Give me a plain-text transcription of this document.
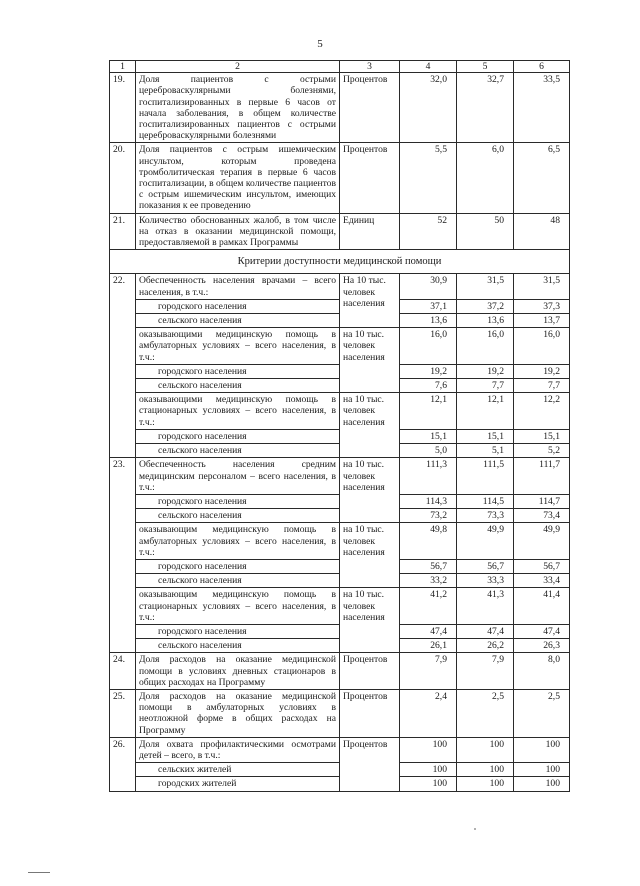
5
1	2	3	4	5	6
19.	Доля пациентов с острыми цереброваскулярными болезнями, госпитализированных в первые 6 часов от начала заболевания, в общем количестве госпитализированных пациентов с острыми цереброваскулярными болезнями	Процентов	32,0	32,7	33,5
20.	Доля пациентов с острым ишемическим инсультом, которым проведена тромболитическая терапия в первые 6 часов госпитализации, в общем количестве пациентов с острым ишемическим инсультом, имеющих показания к ее проведению	Процентов	5,5	6,0	6,5
21.	Количество обоснованных жалоб, в том числе на отказ в оказании медицинской помощи, предоставляемой в рамках Программы	Единиц	52	50	48
Критерии доступности медицинской помощи					
22.	Обеспеченность населения врачами – всего населения, в т.ч.:	На 10 тыс. человек населения	30,9	31,5	31,5
	городского населения		37,1	37,2	37,3
	сельского населения		13,6	13,6	13,7
	оказывающими медицинскую помощь в амбулаторных условиях – всего населения, в т.ч.:	на 10 тыс. человек населения	16,0	16,0	16,0
	городского населения		19,2	19,2	19,2
	сельского населения		7,6	7,7	7,7
	оказывающими медицинскую помощь в стационарных условиях – всего населения, в т.ч.:	на 10 тыс. человек населения	12,1	12,1	12,2
	городского населения		15,1	15,1	15,1
	сельского населения		5,0	5,1	5,2
23.	Обеспеченность населения средним медицинским персоналом – всего населения, в т.ч.:	на 10 тыс. человек населения	111,3	111,5	111,7
	городского населения		114,3	114,5	114,7
	сельского населения		73,2	73,3	73,4
	оказывающим медицинскую помощь в амбулаторных условиях – всего населения, в т.ч.:	на 10 тыс. человек населения	49,8	49,9	49,9
	городского населения		56,7	56,7	56,7
	сельского населения		33,2	33,3	33,4
	оказывающим медицинскую помощь в стационарных условиях – всего населения, в т.ч.:	на 10 тыс. человек населения	41,2	41,3	41,4
	городского населения		47,4	47,4	47,4
	сельского населения		26,1	26,2	26,3
24.	Доля расходов на оказание медицинской помощи в условиях дневных стационаров в общих расходах на Программу	Процентов	7,9	7,9	8,0
25.	Доля расходов на оказание медицинской помощи в амбулаторных условиях в неотложной форме в общих расходах на Программу	Процентов	2,4	2,5	2,5
26.	Доля охвата профилактическими осмотрами детей – всего, в т.ч.:	Процентов	100	100	100
	сельских жителей		100	100	100
	городских жителей		100	100	100
